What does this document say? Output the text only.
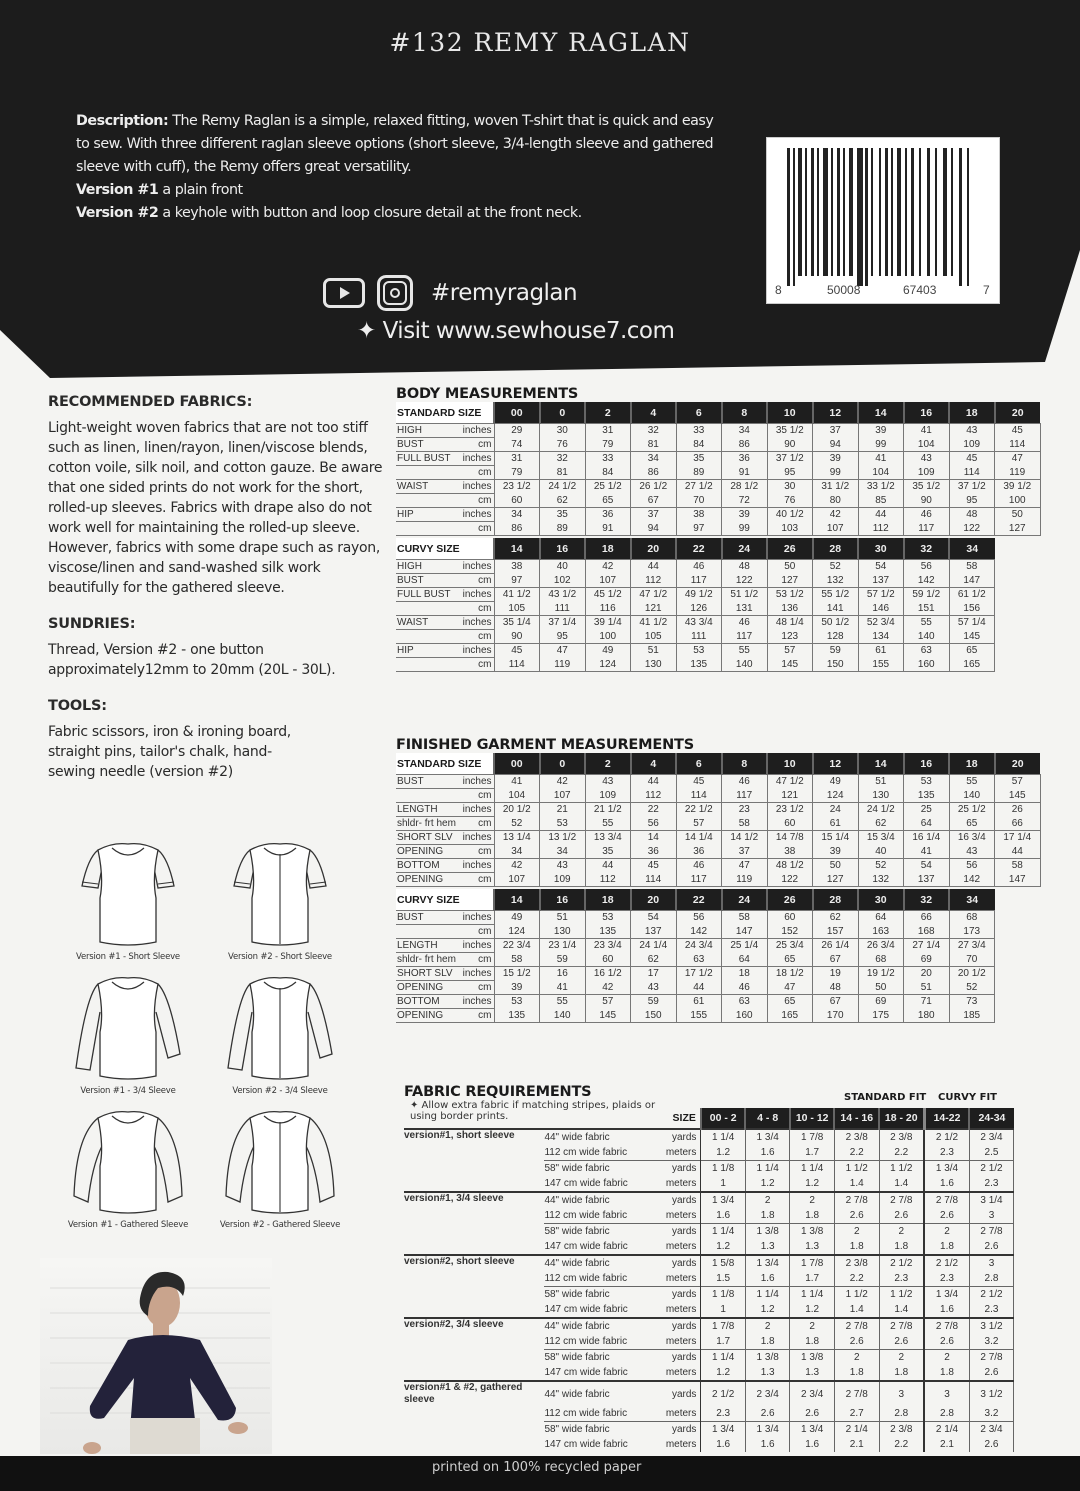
#132 REMY RAGLAN
Description: The Remy Raglan is a simple, relaxed fitting, woven T-shirt that is quick and easy to sew. With three different raglan sleeve options (short sleeve, 3/4-length sleeve and gathered sleeve with cuff), the Remy offers great versatility.
Version #1 a plain front
Version #2 a keyhole with button and loop closure detail at the front neck.
8	50008	67403	7
#remyraglan
✦ Visit www.sewhouse7.com
RECOMMENDED FABRICS:

Light-weight woven fabrics that are not too stiff such as linen, linen/rayon, linen/viscose blends, cotton voile, silk noil, and cotton gauze. Be aware that one sided prints do not work for the short, rolled-up sleeves. Fabrics with drape also do not work well for maintaining the rolled-up sleeve.

However, fabrics with some drape such as rayon, viscose/linen and sand-washed silk work beautifully for the gathered sleeve.

SUNDRIES:

Thread, Version #2 - one button approximately12mm to 20mm (20L - 30L).

TOOLS:

Fabric scissors, iron & ironing board, straight pins, tailor's chalk, hand-sewing needle (version #2)

Version #1 - Short Sleeve	Version #2 - Short Sleeve
Version #1 - 3/4 Sleeve	Version #2 - 3/4 Sleeve
Version #1 - Gathered Sleeve	Version #2 - Gathered Sleeve
BODY MEASUREMENTS
STANDARD SIZE	00	0	2	4	6	8	10	12	14	16	18	20
HIGH inches	29	30	31	32	33	34	35 1/2	37	39	41	43	45
BUST cm	74	76	79	81	84	86	90	94	99	104	109	114
FULL BUST inches	31	32	33	34	35	36	37 1/2	39	41	43	45	47

cm	79	81	84	86	89	91	95	99	104	109	114	119
WAIST inches	23 1/2	24 1/2	25 1/2	26 1/2	27 1/2	28 1/2	30	31 1/2	33 1/2	35 1/2	37 1/2	39 1/2

cm	60	62	65	67	70	72	76	80	85	90	95	100
HIP inches	34	35	36	37	38	39	40 1/2	42	44	46	48	50

cm	86	89	91	94	97	99	103	107	112	117	122	127
CURVY SIZE	14	16	18	20	22	24	26	28	30	32	34
HIGH inches	38	40	42	44	46	48	50	52	54	56	58
BUST cm	97	102	107	112	117	122	127	132	137	142	147
FULL BUST inches	41 1/2	43 1/2	45 1/2	47 1/2	49 1/2	51 1/2	53 1/2	55 1/2	57 1/2	59 1/2	61 1/2

cm	105	111	116	121	126	131	136	141	146	151	156
WAIST inches	35 1/4	37 1/4	39 1/4	41 1/2	43 3/4	46	48 1/4	50 1/2	52 3/4	55	57 1/4

cm	90	95	100	105	111	117	123	128	134	140	145
HIP inches	45	47	49	51	53	55	57	59	61	63	65

cm	114	119	124	130	135	140	145	150	155	160	165
FINISHED GARMENT MEASUREMENTS
STANDARD SIZE	00	0	2	4	6	8	10	12	14	16	18	20
BUST inches	41	42	43	44	45	46	47 1/2	49	51	53	55	57

cm	104	107	109	112	114	117	121	124	130	135	140	145
LENGTH inches	20 1/2	21	21 1/2	22	22 1/2	23	23 1/2	24	24 1/2	25	25 1/2	26
shldr- frt hem cm	52	53	55	56	57	58	60	61	62	64	65	66
SHORT SLV inches	13 1/4	13 1/2	13 3/4	14	14 1/4	14 1/2	14 7/8	15 1/4	15 3/4	16 1/4	16 3/4	17 1/4
OPENING cm	34	34	35	36	36	37	38	39	40	41	43	44
BOTTOM inches	42	43	44	45	46	47	48 1/2	50	52	54	56	58
OPENING cm	107	109	112	114	117	119	122	127	132	137	142	147
CURVY SIZE	14	16	18	20	22	24	26	28	30	32	34
BUST inches	49	51	53	54	56	58	60	62	64	66	68

cm	124	130	135	137	142	147	152	157	163	168	173
LENGTH inches	22 3/4	23 1/4	23 3/4	24 1/4	24 3/4	25 1/4	25 3/4	26 1/4	26 3/4	27 1/4	27 3/4
shldr- frt hem cm	58	59	60	62	63	64	65	67	68	69	70
SHORT SLV inches	15 1/2	16	16 1/2	17	17 1/2	18	18 1/2	19	19 1/2	20	20 1/2
OPENING cm	39	41	42	43	44	46	47	48	50	51	52
BOTTOM inches	53	55	57	59	61	63	65	67	69	71	73
OPENING cm	135	140	145	150	155	160	165	170	175	180	185
FABRIC REQUIREMENTS	STANDARD FIT CURVY FIT
✦ Allow extra fabric if matching stripes, plaids or using border prints.
			SIZE	00 - 2	4 - 8	10 - 12	14 - 16	18 - 20	14-22	24-34
version#1, short sleeve	44" wide fabric	yards	1 1/4	1 3/4	1 7/8	2 3/8	2 3/8	2 1/2	2 3/4
	112 cm wide fabric	meters	1.2	1.6	1.7	2.2	2.2	2.3	2.5
	58" wide fabric	yards	1 1/8	1 1/4	1 1/4	1 1/2	1 1/2	1 3/4	2 1/2
	147 cm wide fabric	meters	1	1.2	1.2	1.4	1.4	1.6	2.3
version#1, 3/4 sleeve	44" wide fabric	yards	1 3/4	2	2	2 7/8	2 7/8	2 7/8	3 1/4
	112 cm wide fabric	meters	1.6	1.8	1.8	2.6	2.6	2.6	3
	58" wide fabric	yards	1 1/4	1 3/8	1 3/8	2	2	2	2 7/8
	147 cm wide fabric	meters	1.2	1.3	1.3	1.8	1.8	1.8	2.6
version#2, short sleeve	44" wide fabric	yards	1 5/8	1 3/4	1 7/8	2 3/8	2 1/2	2 1/2	3
	112 cm wide fabric	meters	1.5	1.6	1.7	2.2	2.3	2.3	2.8
	58" wide fabric	yards	1 1/8	1 1/4	1 1/4	1 1/2	1 1/2	1 3/4	2 1/2
	147 cm wide fabric	meters	1	1.2	1.2	1.4	1.4	1.6	2.3
version#2, 3/4 sleeve	44" wide fabric	yards	1 7/8	2	2	2 7/8	2 7/8	2 7/8	3 1/2
	112 cm wide fabric	meters	1.7	1.8	1.8	2.6	2.6	2.6	3.2
	58" wide fabric	yards	1 1/4	1 3/8	1 3/8	2	2	2	2 7/8
	147 cm wide fabric	meters	1.2	1.3	1.3	1.8	1.8	1.8	2.6
version#1 & #2, gathered sleeve	44" wide fabric	yards	2 1/2	2 3/4	2 3/4	2 7/8	3	3	3 1/2
	112 cm wide fabric	meters	2.3	2.6	2.6	2.7	2.8	2.8	3.2
	58" wide fabric	yards	1 3/4	1 3/4	1 3/4	2 1/4	2 3/8	2 1/4	2 3/4
	147 cm wide fabric	meters	1.6	1.6	1.6	2.1	2.2	2.1	2.6
printed on 100% recycled paper
